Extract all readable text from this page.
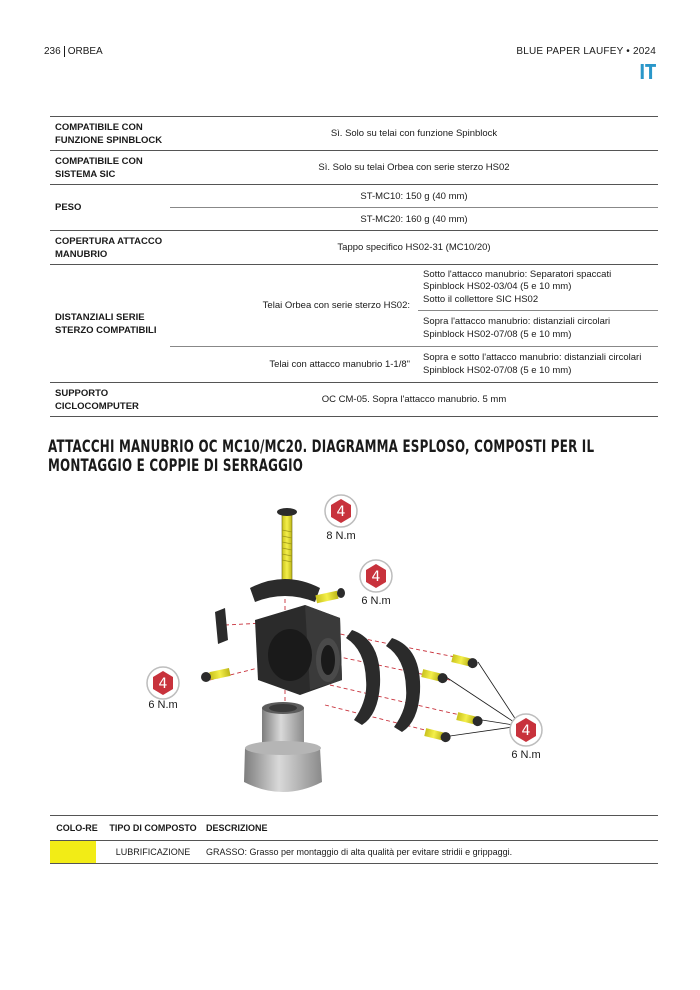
236 ORBEA	BLUE PAPER LAUFEY • 2024
IT
COMPATIBILE CON FUNZIONE SPINBLOCK	Sì. Solo su telai con funzione Spinblock	
COMPATIBILE CON SISTEMA SIC	Sì. Solo su telai Orbea con serie sterzo HS02	
PESO	ST-MC10: 150 g (40 mm)	
	ST-MC20: 160 g (40 mm)	
COPERTURA ATTACCO MANUBRIO	Tappo specifico HS02-31 (MC10/20)	
DISTANZIALI SERIE STERZO COMPATIBILI	Telai Orbea con serie sterzo HS02:	Sotto l'attacco manubrio: Separatori spaccati
Spinblock HS02-03/04 (5 e 10 mm)
Sotto il collettore SIC HS02

		Sopra l'attacco manubrio: distanziali circolari
Spinblock HS02-07/08 (5 e 10 mm)

	Telai con attacco manubrio 1-1/8"	Sopra e sotto l'attacco manubrio: distanziali circolari
Spinblock HS02-07/08 (5 e 10 mm)

SUPPORTO CICLOCOMPUTER	OC CM-05. Sopra l'attacco manubrio. 5 mm	
ATTACCHI MANUBRIO OC MC10/MC20. DIAGRAMMA ESPLOSO, COMPOSTI PER IL MONTAGGIO E COPPIE DI SERRAGGIO
4
8 N.m
4
6 N.m
4
6 N.m
4
6 N.m
COLO-RE	TIPO DI COMPOSTO	DESCRIZIONE

	LUBRIFICAZIONE	GRASSO: Grasso per montaggio di alta qualità per evitare stridii e grippaggi.
